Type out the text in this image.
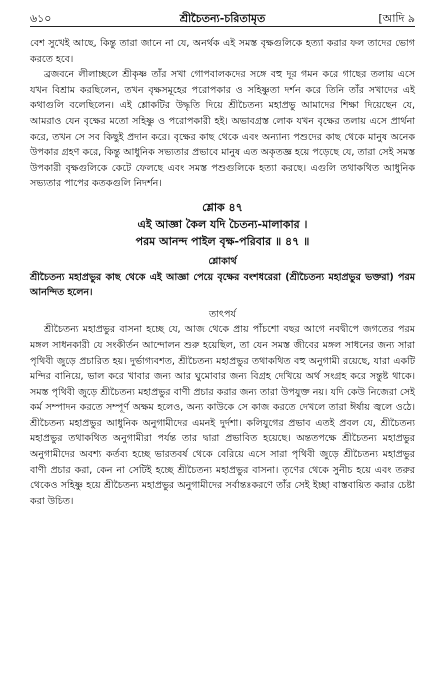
৬১০	শ্রীচৈতন্য-চরিতামৃত	[আদি ৯

বেশ সুখেই আছে, কিন্তু তারা জানে না যে, অনর্থক এই সমস্ত বৃক্ষগুলিকে হত্যা করার ফল তাদের ভোগ করতে হবে।

ব্রজবনে লীলাচ্ছলে শ্রীকৃষ্ণ তাঁর সখা গোপবালকদের সঙ্গে বহু দূর গমন করে গাছের তলায় এসে যখন বিশ্রাম করছিলেন, তখন বৃক্ষসমূহের পরোপকার ও সহিষ্ণুতা দর্শন করে তিনি তাঁর সখাদের এই কথাগুলি বলেছিলেন। এই শ্লোকটির উদ্ধৃতি দিয়ে শ্রীচৈতন্য মহাপ্রভু আমাদের শিক্ষা দিয়েছেন যে, আমরাও যেন বৃক্ষের মতো সহিষ্ণু ও পরোপকারী হই। অভাবগ্রস্ত লোক যখন বৃক্ষের তলায় এসে প্রার্থনা করে, তখন সে সব কিছুই প্রদান করে। বৃক্ষের কাছ থেকে এবং অন্যান্য পশুদের কাছ থেকে মানুষ অনেক উপকার গ্রহণ করে, কিন্তু আধুনিক সভ্যতার প্রভাবে মানুষ এত অকৃতজ্ঞ হয়ে পড়েছে যে, তারা সেই সমস্ত উপকারী বৃক্ষগুলিকে কেটে ফেলছে এবং সমস্ত পশুগুলিকে হত্যা করছে। এগুলি তথাকথিত আধুনিক সভ্যতার পাপের কতকগুলি নিদর্শন।

শ্লোক ৪৭
এই আজ্ঞা কৈল যদি চৈতন্য-মালাকার ।
পরম আনন্দ পাইল বৃক্ষ-পরিবার ॥ ৪৭ ॥
শ্লোকার্থ

শ্রীচৈতন্য মহাপ্রভুর কাছ থেকে এই আজ্ঞা পেয়ে বৃক্ষের বংশধরেরা (শ্রীচৈতন্য মহাপ্রভুর ভক্তরা) পরম আনন্দিত হলেন।

তাৎপর্য

শ্রীচৈতন্য মহাপ্রভুর বাসনা হচ্ছে যে, আজ থেকে প্রায় পাঁচশো বছর আগে নবদ্বীপে জগতের পরম মঙ্গল সাধনকারী যে সংকীর্তন আন্দোলন শুরু হয়েছিল, তা যেন সমস্ত জীবের মঙ্গল সাধনের জন্য সারা পৃথিবী জুড়ে প্রচারিত হয়। দুর্ভাগ্যবশত, শ্রীচৈতন্য মহাপ্রভুর তথাকথিত বহু অনুগামী রয়েছে, যারা একটি মন্দির বানিয়ে, ভাল করে খাবার জন্য আর ঘুমোবার জন্য বিগ্রহ দেখিয়ে অর্থ সংগ্রহ করে সন্তুষ্ট থাকে। সমস্ত পৃথিবী জুড়ে শ্রীচৈতন্য মহাপ্রভুর বাণী প্রচার করার জন্য তারা উপযুক্ত নয়। যদি কেউ নিজেরা সেই কর্ম সম্পাদন করতে সম্পূর্ণ অক্ষম হলেও, অন্য কাউকে সে কাজ করতে দেখলে তারা ঈর্ষায় জ্বলে ওঠে। শ্রীচৈতন্য মহাপ্রভুর আধুনিক অনুগামীদের এমনই দুর্দশা। কলিযুগের প্রভাব এতই প্রবল যে, শ্রীচৈতন্য মহাপ্রভুর তথাকথিত অনুগামীরা পর্যন্ত তার দ্বারা প্রভাবিত হয়েছে। অন্ততপক্ষে শ্রীচৈতন্য মহাপ্রভুর অনুগামীদের অবশ্য কর্তব্য হচ্ছে ভারতবর্ষ থেকে বেরিয়ে এসে সারা পৃথিবী জুড়ে শ্রীচৈতন্য মহাপ্রভুর বাণী প্রচার করা, কেন না সেটিই হচ্ছে শ্রীচৈতন্য মহাপ্রভুর বাসনা। তৃণের থেকে সুনীচ হয়ে এবং তরুর থেকেও সহিষ্ণু হয়ে শ্রীচৈতন্য মহাপ্রভুর অনুগামীদের সর্বান্তঃকরণে তাঁর সেই ইচ্ছা বাস্তবায়িত করার চেষ্টা করা উচিত।
